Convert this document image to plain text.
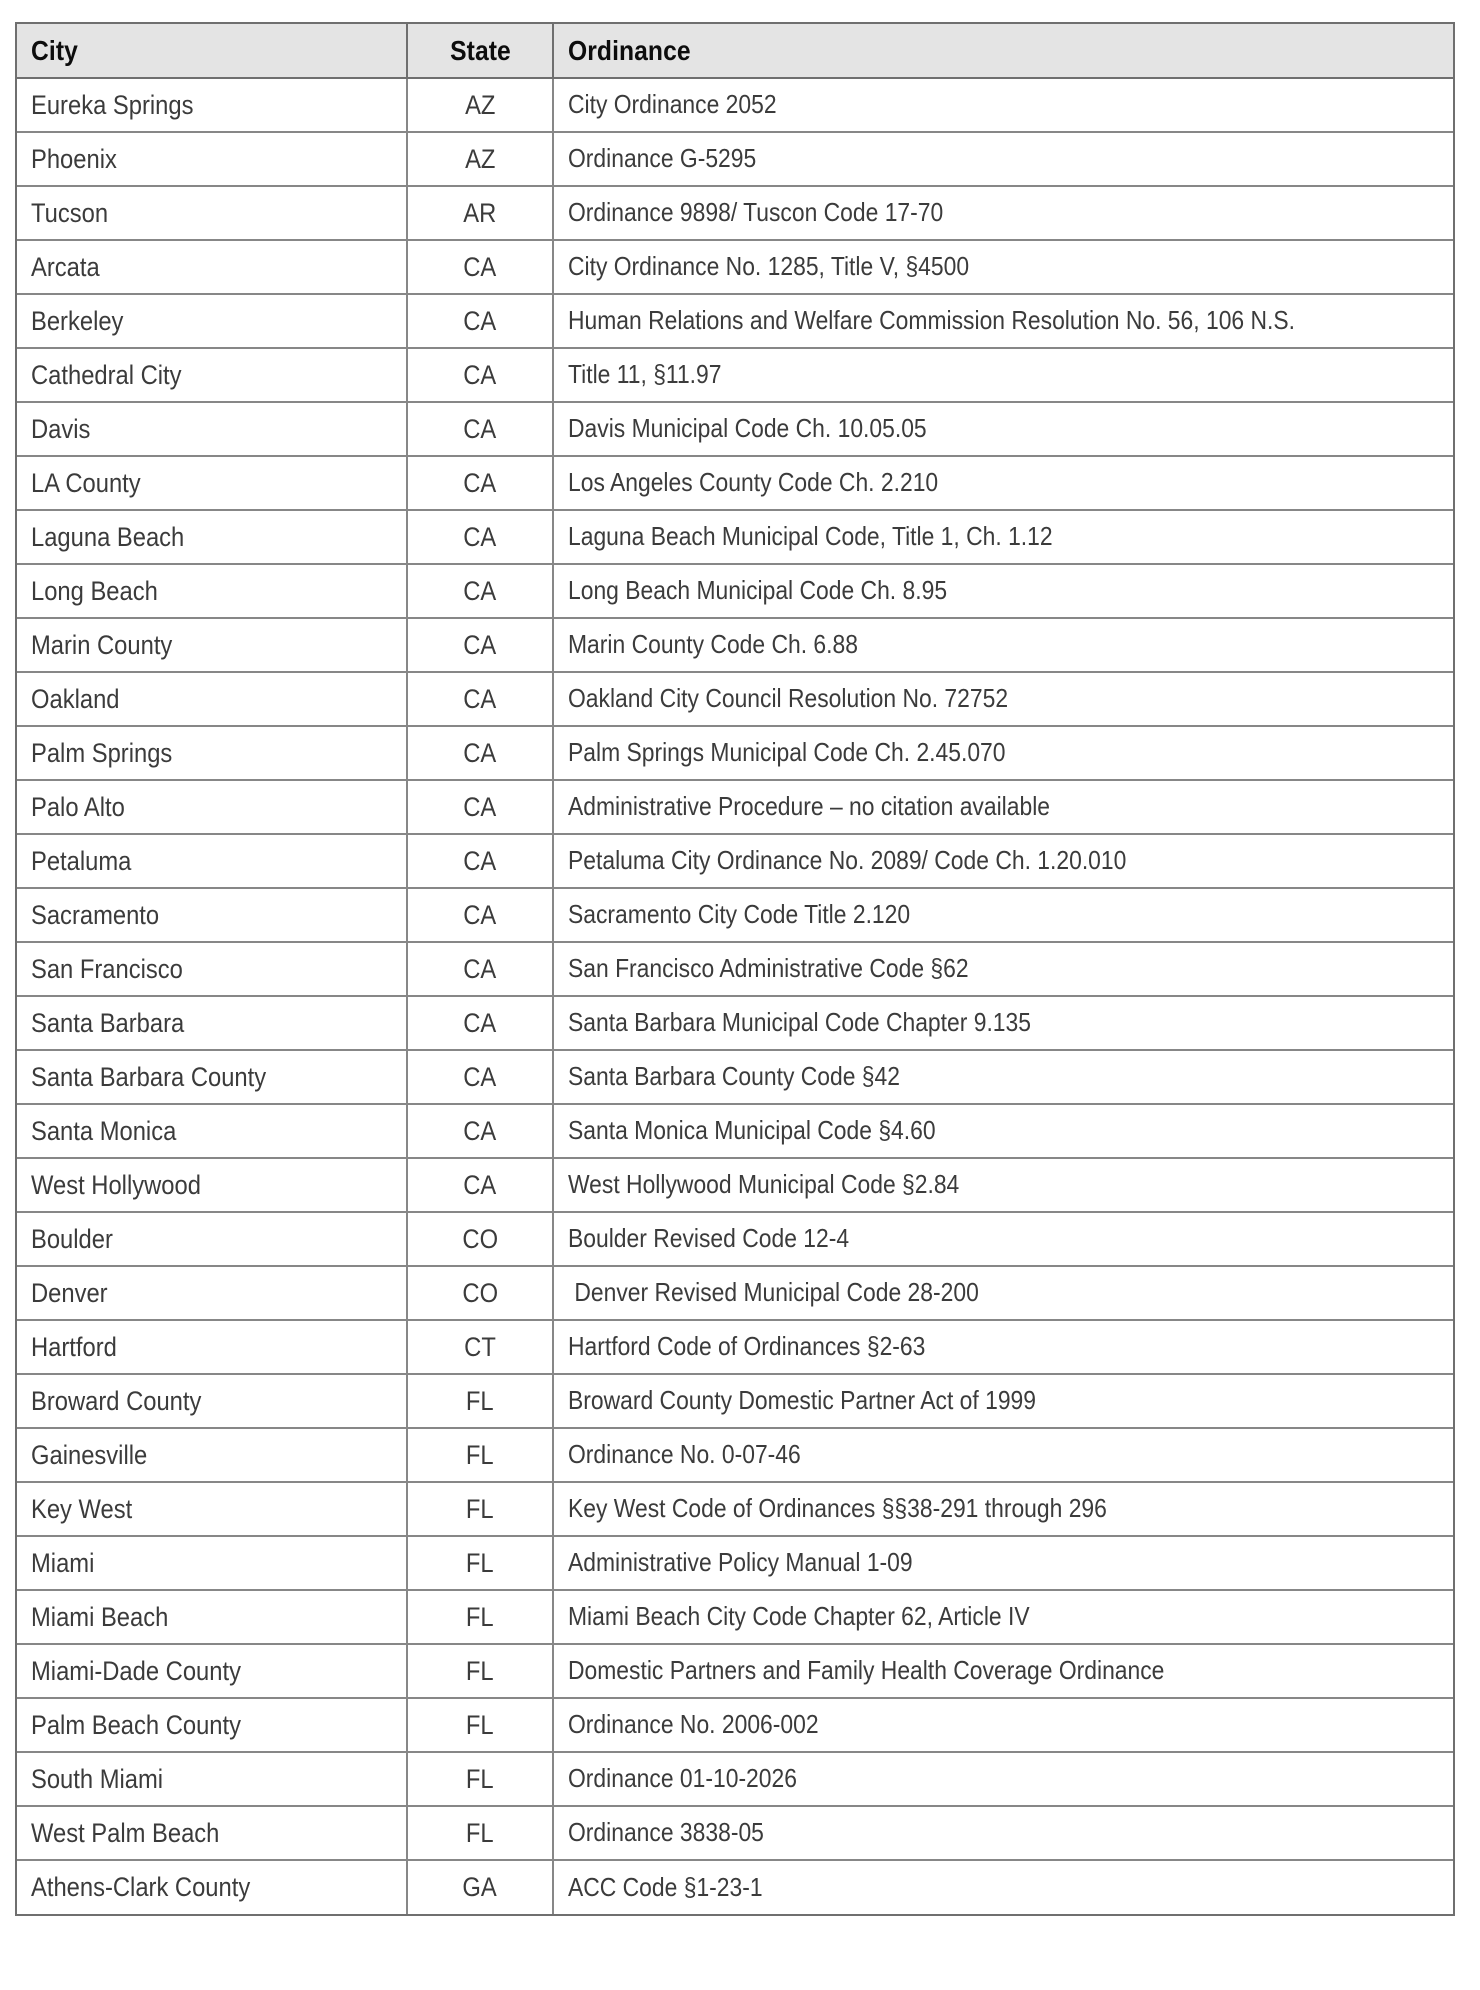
City	State	Ordinance
Eureka Springs	AZ	City Ordinance 2052
Phoenix	AZ	Ordinance G-5295
Tucson	AR	Ordinance 9898/ Tuscon Code 17-70
Arcata	CA	City Ordinance No. 1285, Title V, §4500
Berkeley	CA	Human Relations and Welfare Commission Resolution No. 56, 106 N.S.
Cathedral City	CA	Title 11, §11.97
Davis	CA	Davis Municipal Code Ch. 10.05.05
LA County	CA	Los Angeles County Code Ch. 2.210
Laguna Beach	CA	Laguna Beach Municipal Code, Title 1, Ch. 1.12
Long Beach	CA	Long Beach Municipal Code Ch. 8.95
Marin County	CA	Marin County Code Ch. 6.88
Oakland	CA	Oakland City Council Resolution No. 72752
Palm Springs	CA	Palm Springs Municipal Code Ch. 2.45.070
Palo Alto	CA	Administrative Procedure – no citation available
Petaluma	CA	Petaluma City Ordinance No. 2089/ Code Ch. 1.20.010
Sacramento	CA	Sacramento City Code Title 2.120
San Francisco	CA	San Francisco Administrative Code §62
Santa Barbara	CA	Santa Barbara Municipal Code Chapter 9.135
Santa Barbara County	CA	Santa Barbara County Code §42
Santa Monica	CA	Santa Monica Municipal Code §4.60
West Hollywood	CA	West Hollywood Municipal Code §2.84
Boulder	CO	Boulder Revised Code 12-4
Denver	CO	Denver Revised Municipal Code 28-200
Hartford	CT	Hartford Code of Ordinances §2-63
Broward County	FL	Broward County Domestic Partner Act of 1999
Gainesville	FL	Ordinance No. 0-07-46
Key West	FL	Key West Code of Ordinances §§38-291 through 296
Miami	FL	Administrative Policy Manual 1-09
Miami Beach	FL	Miami Beach City Code Chapter 62, Article IV
Miami-Dade County	FL	Domestic Partners and Family Health Coverage Ordinance
Palm Beach County	FL	Ordinance No. 2006-002
South Miami	FL	Ordinance 01-10-2026
West Palm Beach	FL	Ordinance 3838-05
Athens-Clark County	GA	ACC Code §1-23-1
